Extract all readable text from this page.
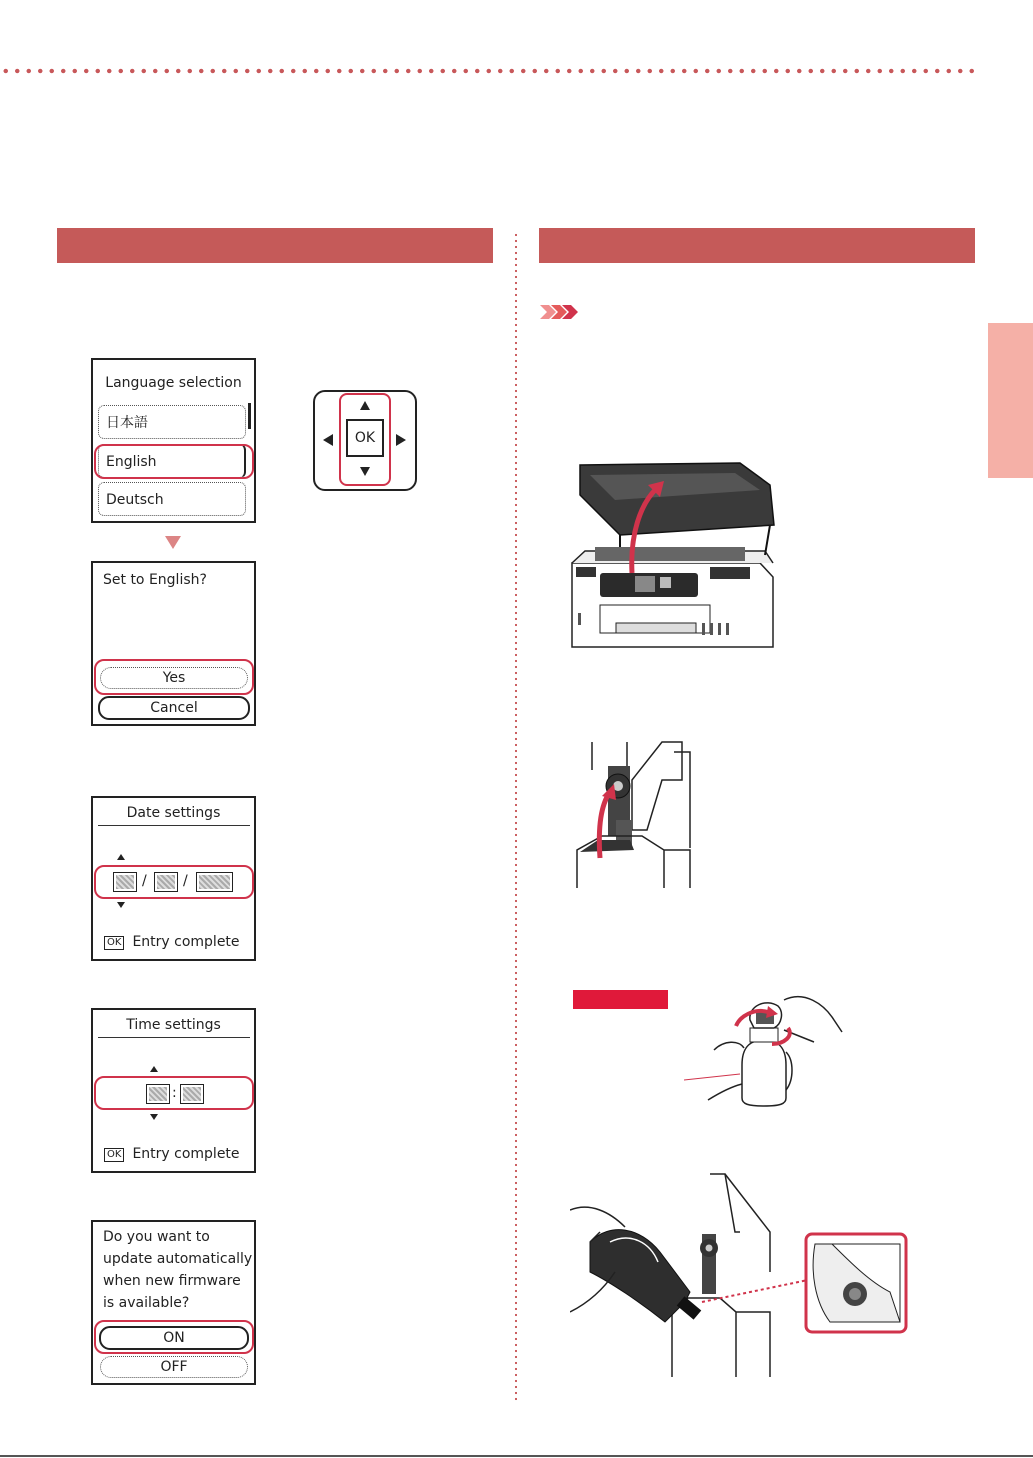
Language selection
日本語
English
Deutsch
Set to English?
Yes
Cancel
Date settings
/	/
OK Entry complete
Time settings
:
OK Entry complete
Do you want to
update automatically
when new firmware
is available?
ON
OFF
OK
